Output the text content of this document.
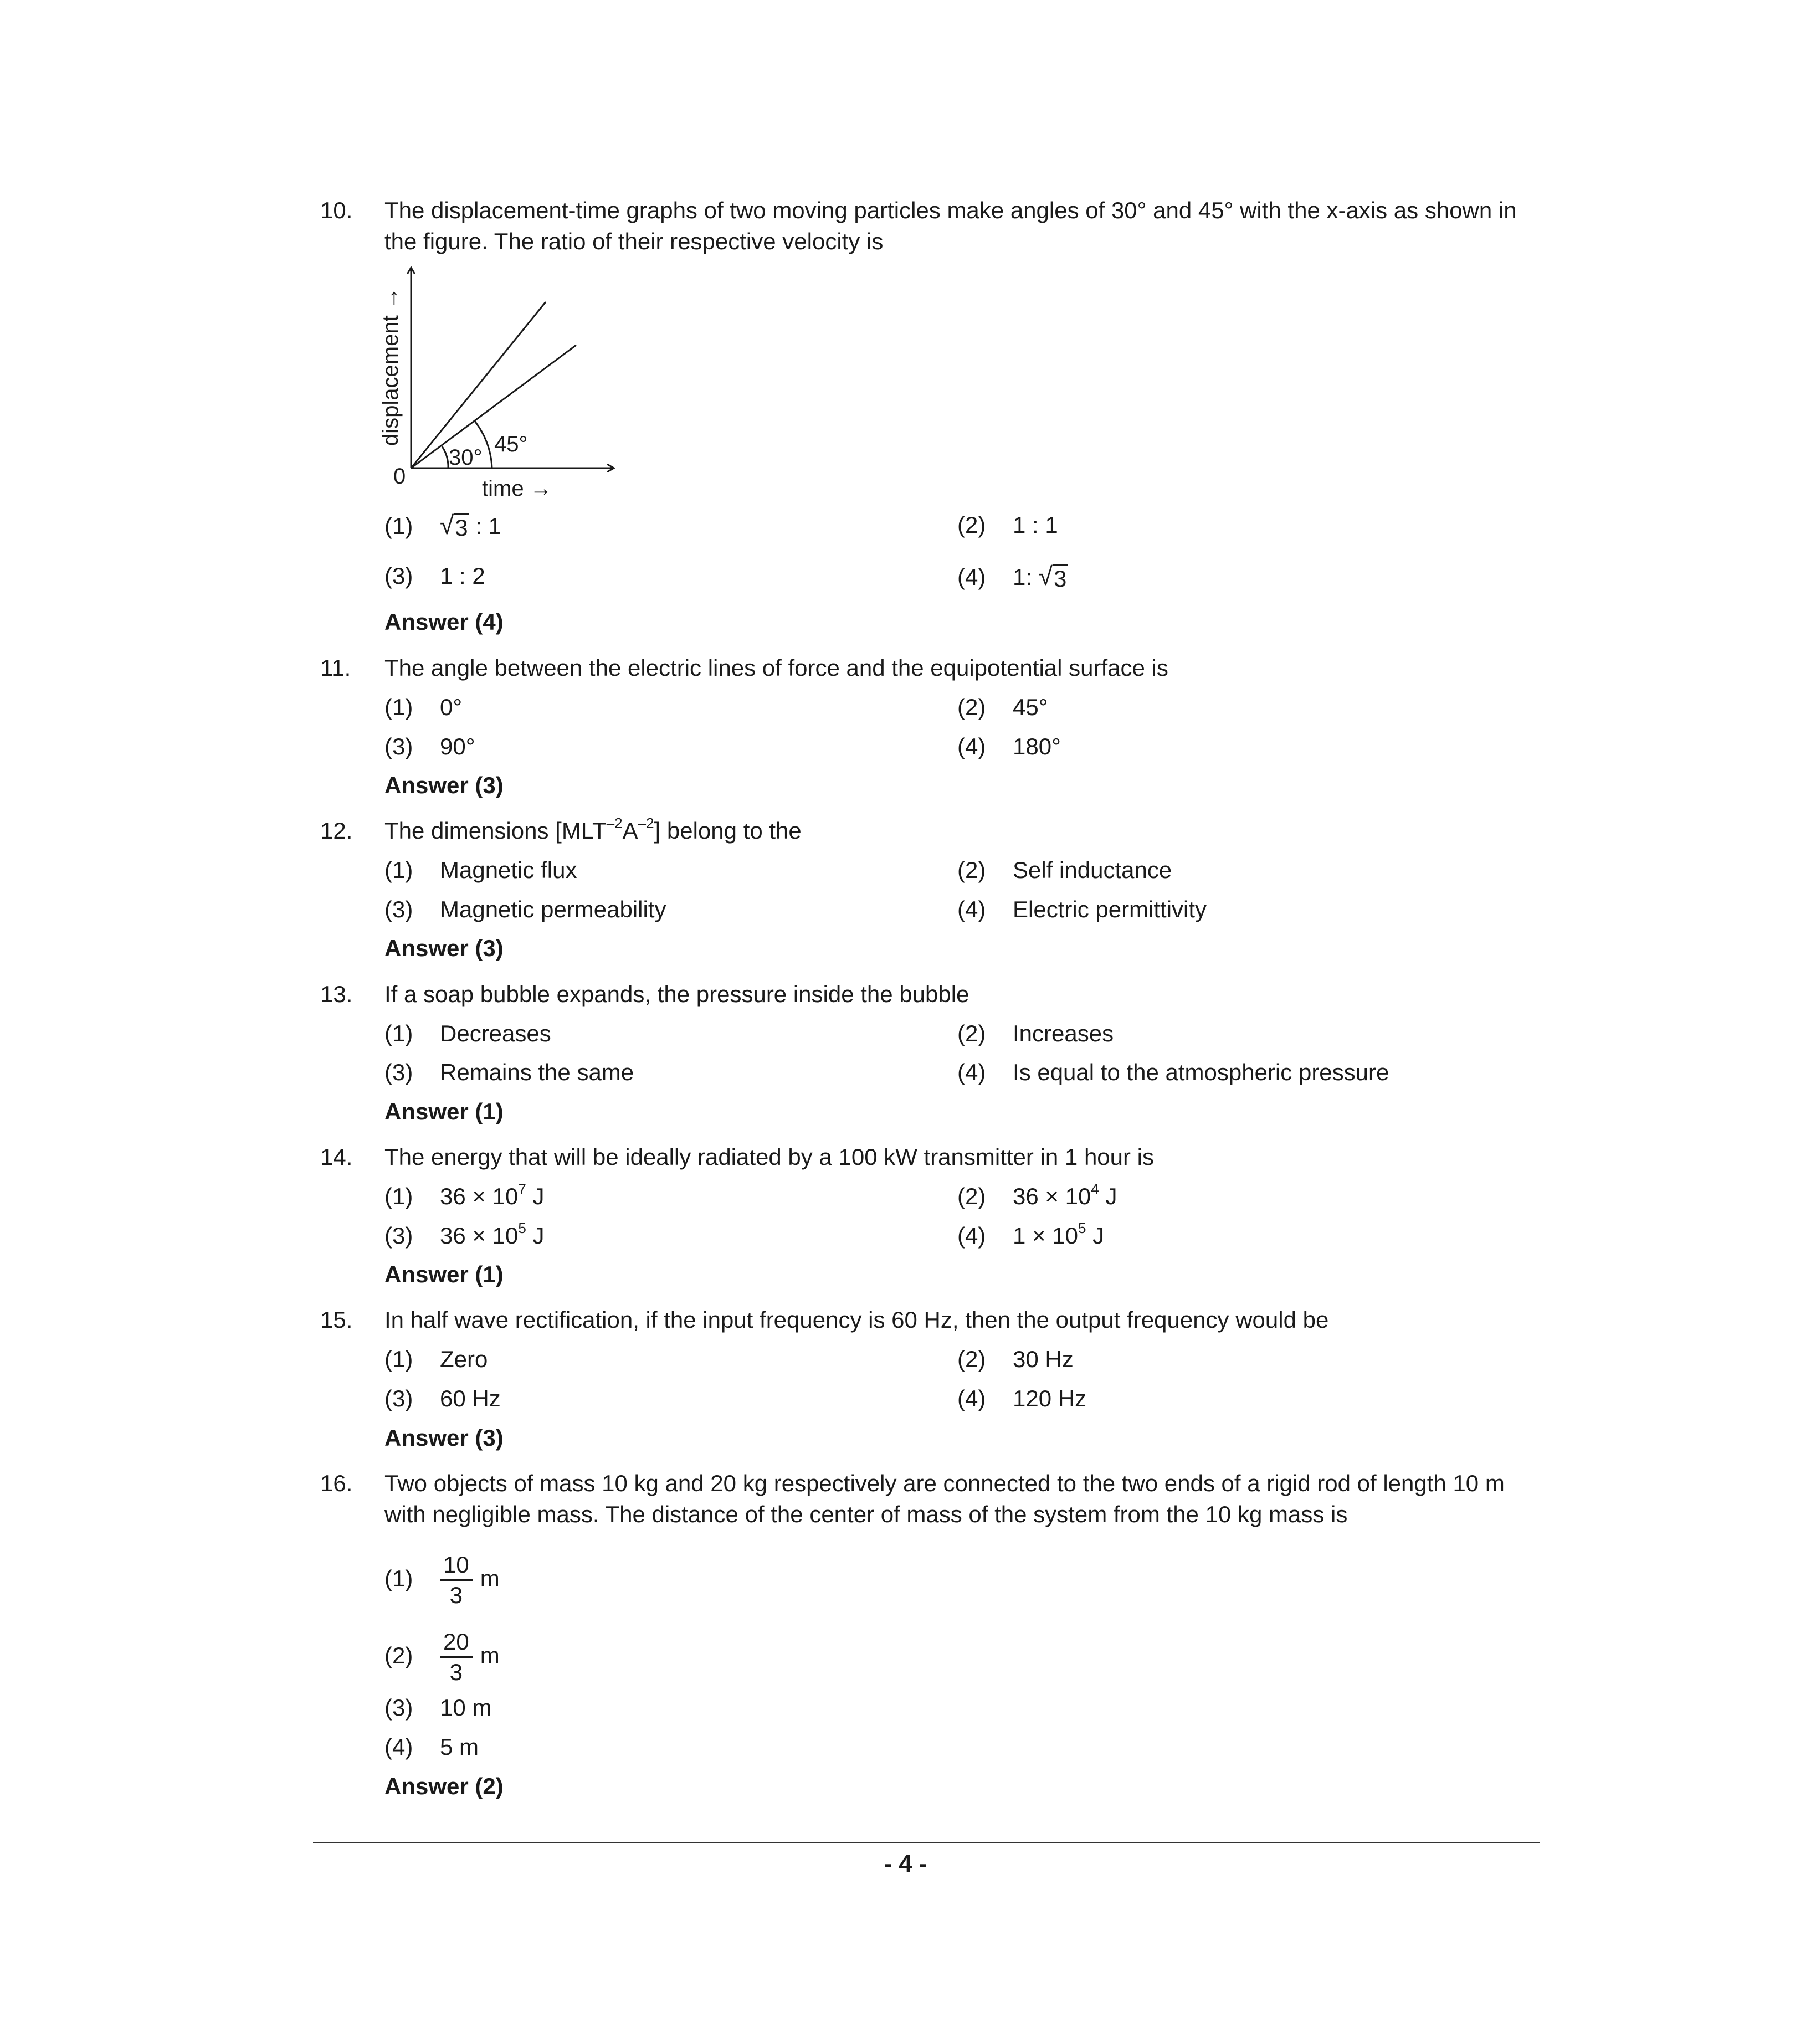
10. The displacement-time graphs of two moving particles make angles of 30° and 45° with the x-axis as shown in the figure. The ratio of their respective velocity is
30°
45°
0	time →
displacement →
(1) √ 3 : 1	(2) 1 : 1
(3) 1 : 2	(4) 1: √ 3
Answer (4)
11. The angle between the electric lines of force and the equipotential surface is
(1) 0°	(2) 45°
(3) 90°	(4) 180°
Answer (3)
12. The dimensions $[MLT^{-2}A^{-2}]$ belong to the
(1) Magnetic flux	(2) Self inductance
(3) Magnetic permeability	(4) Electric permittivity
Answer (3)
13. If a soap bubble expands, the pressure inside the bubble
(1) Decreases	(2) Increases
(3) Remains the same	(4) Is equal to the atmospheric pressure
Answer (1)
14. The energy that will be ideally radiated by a 100 kW transmitter in 1 hour is
(1) $36 \times 10^7$ J	(2) $36 \times 10^4$ J
(3) $36 \times 10^5$ J	(4) $1 \times 10^5$ J
Answer (1)
15. In half wave rectification, if the input frequency is 60 Hz, then the output frequency would be
(1) Zero	(2) 30 Hz
(3) 60 Hz	(4) 120 Hz
Answer (3)
16. Two objects of mass 10 kg and 20 kg respectively are connected to the two ends of a rigid rod of length 10 m with negligible mass. The distance of the center of mass of the system from the 10 kg mass is
$(1) \frac{10}{3}$ m
$(2) \frac{20}{3}$ m
(3) 10 m
(4) 5 m
Answer (2)
- 4 -
